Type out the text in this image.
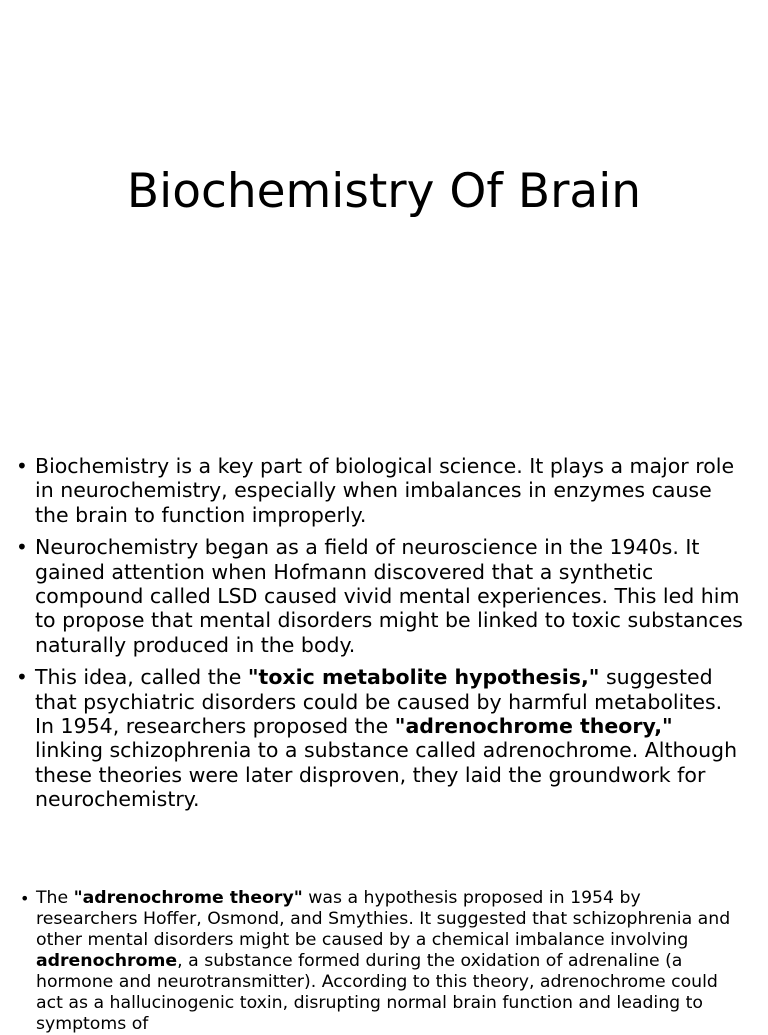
Biochemistry Of Brain
• Biochemistry is a key part of biological science. It plays a major role in neurochemistry, especially when imbalances in enzymes cause the brain to function improperly.
• Neurochemistry began as a field of neuroscience in the 1940s. It gained attention when Hofmann discovered that a synthetic compound called LSD caused vivid mental experiences. This led him to propose that mental disorders might be linked to toxic substances naturally produced in the body.
• This idea, called the "toxic metabolite hypothesis," suggested that psychiatric disorders could be caused by harmful metabolites. In 1954, researchers proposed the "adrenochrome theory," linking schizophrenia to a substance called adrenochrome. Although these theories were later disproven, they laid the groundwork for neurochemistry.
• The "adrenochrome theory" was a hypothesis proposed in 1954 by researchers Hoffer, Osmond, and Smythies. It suggested that schizophrenia and other mental disorders might be caused by a chemical imbalance involving adrenochrome, a substance formed during the oxidation of adrenaline (a hormone and neurotransmitter). According to this theory, adrenochrome could act as a hallucinogenic toxin, disrupting normal brain function and leading to symptoms of
